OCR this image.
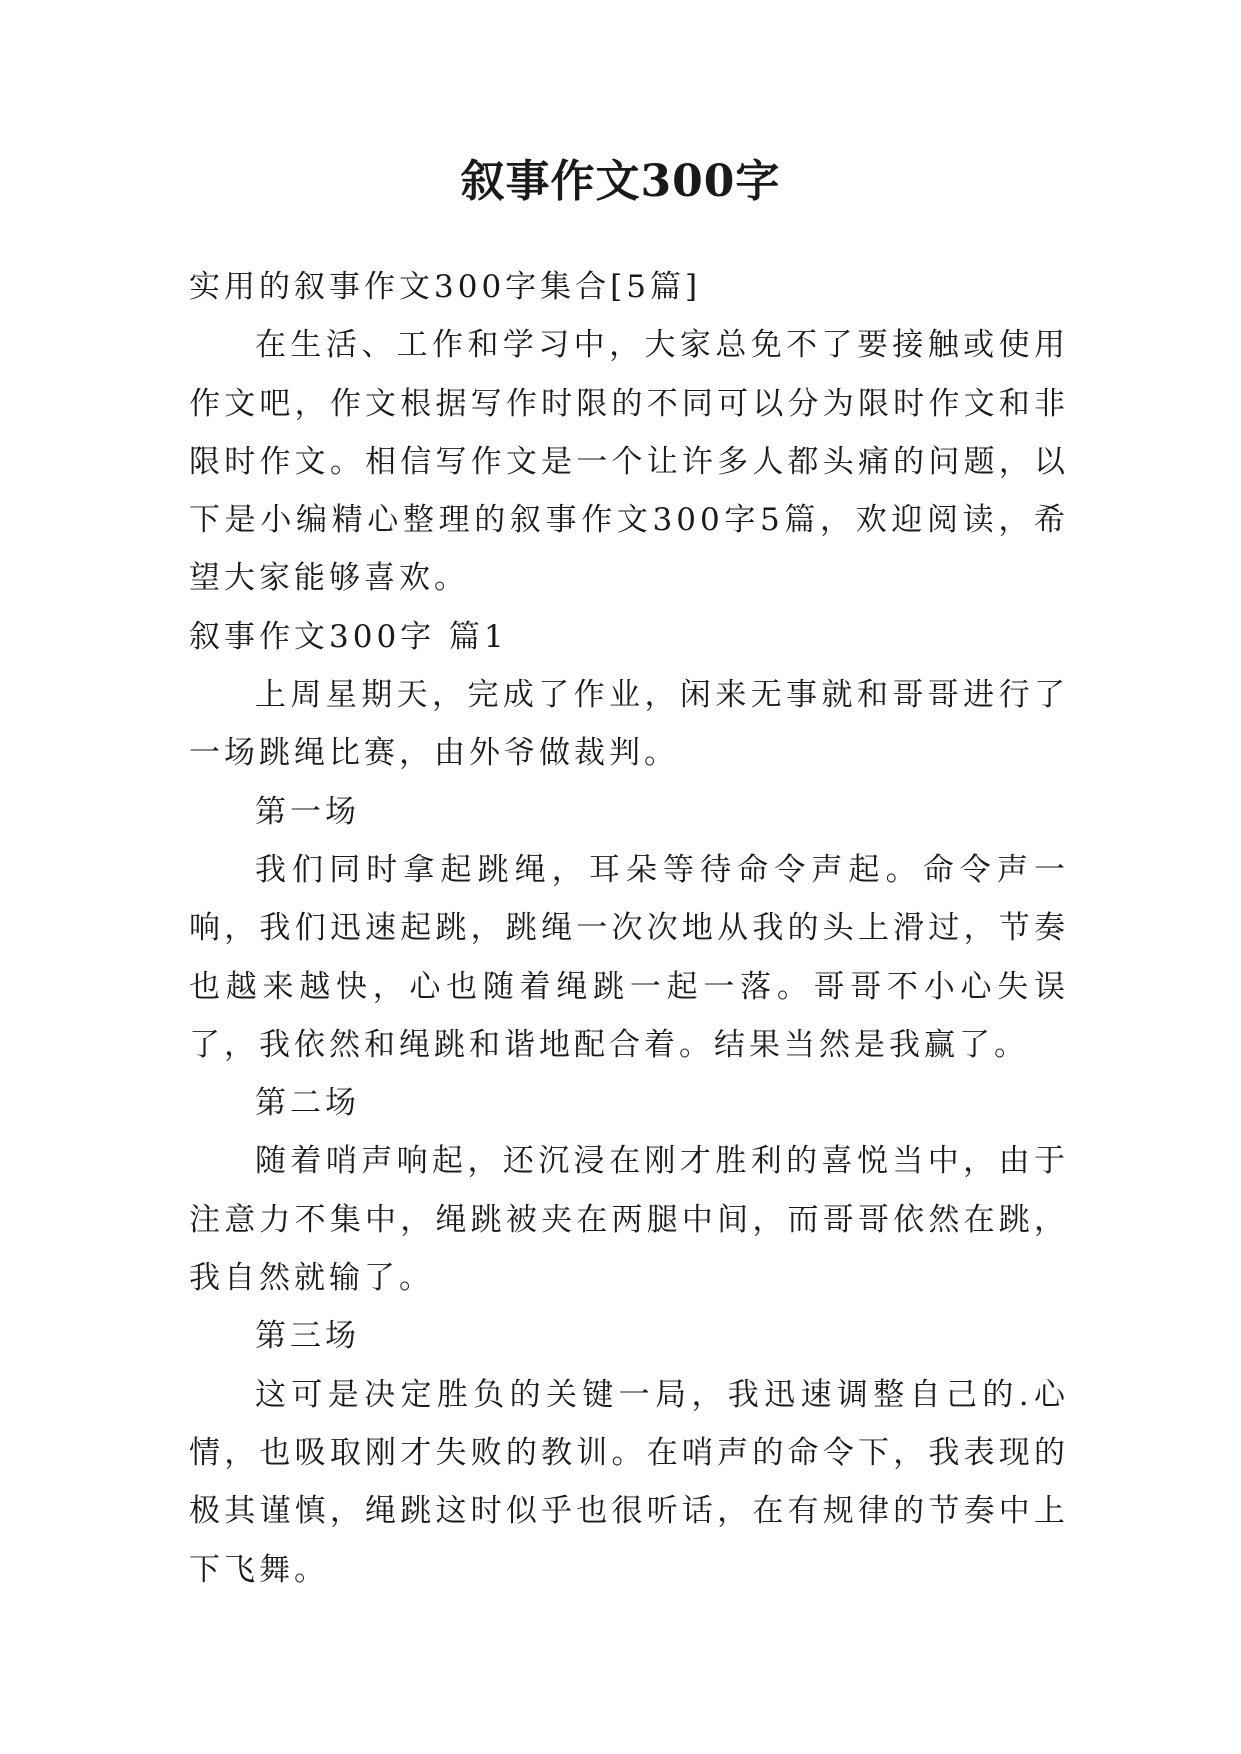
叙事作文300字

实用的叙事作文300字集合[5篇]

在生活、工作和学习中，大家总免不了要接触或使用作文吧，作文根据写作时限的不同可以分为限时作文和非限时作文。相信写作文是一个让许多人都头痛的问题，以下是小编精心整理的叙事作文300字5篇，欢迎阅读，希望大家能够喜欢。

叙事作文300字 篇1

上周星期天，完成了作业，闲来无事就和哥哥进行了一场跳绳比赛，由外爷做裁判。

第一场

我们同时拿起跳绳，耳朵等待命令声起。命令声一响，我们迅速起跳，跳绳一次次地从我的头上滑过，节奏也越来越快，心也随着绳跳一起一落。哥哥不小心失误了，我依然和绳跳和谐地配合着。结果当然是我赢了。

第二场

随着哨声响起，还沉浸在刚才胜利的喜悦当中，由于注意力不集中，绳跳被夹在两腿中间，而哥哥依然在跳，我自然就输了。

第三场

这可是决定胜负的关键一局，我迅速调整自己的.心情，也吸取刚才失败的教训。在哨声的命令下，我表现的极其谨慎，绳跳这时似乎也很听话，在有规律的节奏中上下飞舞。
